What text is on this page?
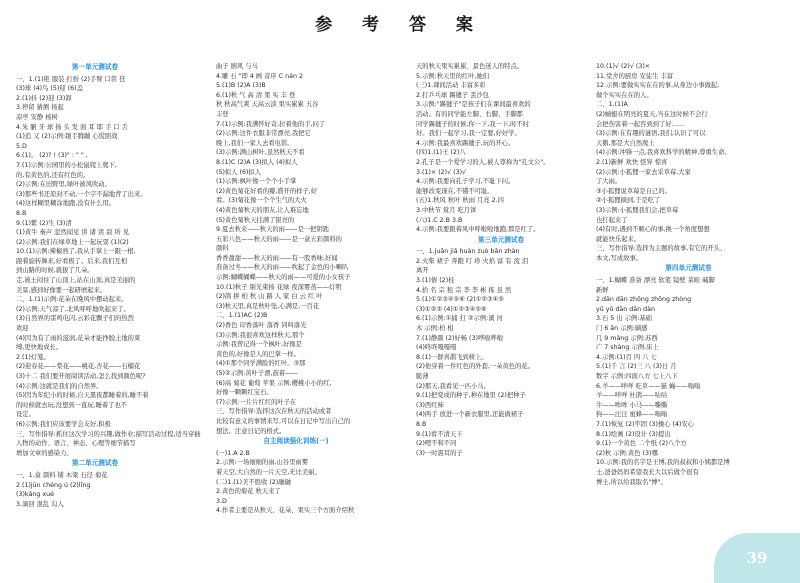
参 考 答 案
第一单元测试卷
一、1.(1)艳 服装 打扮 (2)手臂 口笛 狂
(3)球 (4)鸟 (5)迎 (6)盖
2.(1)抖 (2)迎 (3)卸
3.停留 猜测 扬起
凉亭 安静 杨树
4.朱 腑 牙 球 扬 头 发 面 耳 耶 手 口 舌
(1)追 又 (2)示例:趟手腾蹦 心慌胆战
5.D
6.(1)。 (2)? ! (3)" : " " ,
7.(1)示例:公园里的小松鼠爬上爬下,
的,有黄色的,还有红色的。
(2)示例:在田野里,绿叶被风吹动。
(3)那些书还原封不动,一个字不漏地背了出来。
(4)这样糊里糊涂地跑,没有什么用。
8.B
9.(1)紫 (2)生 (3)清
(1)黄牛 秦声 忽然闻见 讲 诸 读 寂 所 见
(2)示例:我们在绿草地上一起玩耍 (1)(2)
10.(1)示例:辣椒熟了,我从手掌上一跟一根,
跟着旋转舞来,好看极了。后来,我们互相
到山路的时候,就拔了几朵。
走,被土闷住了山顶上,站在山顶,真是美丽的
美景,感到好像要一起研磨起来。
二、1.(1)示例:花朵在晚风中摆动起来。
(2)示例:天气凉了,北风呼呼地吹起来了。
(3)自然界的雷鸣电闪,云彩花飘子们的热烈
欢迎
(4)因为有了雨的滋润,花朵才能挣脱土地的束
缚,更快地成长。
2.(1)灯笼。
(2)迎春花——梨花——桃花,杏花——石榴花
(3)十二 我们要开展阅读活动,怎么找到颜色呢?
(4)示例:这就是我们的自然界。
(5)因为年纪小的时候,自天黑夜都睡着的,睡不着
的时候就去玩,没想到一直玩,睡着了也不
设定。
(6)示例:我们应该要学会友好,积极
三、写作指导:抓住这次学习的兴趣,做作业;描写活动过程,适当穿插
人物的动作、语言、神态、心理等细节描写
增加文章的感染力。
第二单元测试卷
一、1.盒 颜料 铺 木梁 石径 菊花
2.(1)jūn chéng ú (2)lǐng
(3)kǎng xué
3.滴回 混乱 勾人
曲子 剧风 与马
4.雕 石 "即 4 画 音序 C nán 2
5.(1)B (2)A (3)B
6.(1)秋 气 高 清 果 实 丰 登
秋 秋高气爽 天高云淡 果实累累 五谷
丰登
7.(1)示例:我满怀好奇,拉着他的手,问了
(2)示例:这件衣服非常漂亮,我把它
晚上,我们一家人去看电影。
(3)示例:满山树叶,虽然秋天不看
8.(1)C (2)A (3)拟人 (4)拟人
(5)拟人 (6)拟人
(1)示例:枫叶像一个个小手掌
(2)黄色菊花好看的瓣,盛开的样子,好
看。(3)菊花像一个个生气的大火
(4)黄色菊秋天的朋友,让人难忘地
(5)黄色菊秋天挂满了银亮的
9.夏去秋来——秋天的雨——是一把钥匙
五彩八色——秋天的雨——是一盒五彩颜料的
颜料
香香甜甜——秋天的雨——有一股香味,好闻
准备过冬——秋天的雨——吹起了金色的小喇叭
示例:蝴蝶蝴蝶——秋天的雨——可爱的小女孩子
10.(1)秋子 剔光束扬 花绿 夜深雾蒸——灯明
(2)鸽 拼 柏 秋 山 路 人 家 白 云 红 叶
(3)秋天里,真是秋叶坠,心满是,一百花
二、1.(1)AC (2)B
(2)香色 印香落叶 落香 同叫落光
(3)示例:我很喜欢这样秋天,那个
示例:我曾记得一个枫叶,好像是
黄色的,好像是人的巴掌一样。
(4)①那个同学满脸的红叶。③那
(5)②示例:黄叶子漂,鼓着——
(6)高 菊花 葡萄 苹果 示例:樱桃小小的红,
好像一颗颗红宝石。
(7)示例:一片片红红的叶子在
三、写作指导:选择这次在秋天的活动或者
比较有意义的事情来写,可以在日记中写出自己的
想法。注意日记的格式。
自主阅读强化训练(一)
(一)1.A 2.B
2.示例:一场细细的雨,山谷里雨雾
着天空,大自然的一片天空,无比美丽。
(二)1.(1)美不胜收 (2)融融
2.黄色的菊花 秋天来了
3.D
4.作者主要是从秋天、花朵、果实三个方面介绍秋
天的秋天果实累累、景色迷人的特点。
5.示例:秋天里的红叶,她们
(三)1.课间活动 丰富多彩
2.打乒乓球 踢毽子 丢沙包
3.示例:"踢毽子"是孩子们在课间最喜欢的
活动。有的同学能左脚、右脚、手脚都
同学踢毽子的时候,你一下,我一下,时不时
好。我们一起学习,我一定要,好好学。
4.示例:我最喜欢踢毽子,玩的开心。
(四)1.(1)王 (2)八
2.孔子是一个爱学习的人,被人尊称为"孔文公"。
3.(1)× (2)√ (3)√
4.示例:我要向孔子学习,不耻下问。
能够改变现在,不懂不可耻。
(五)1.秋风 秋叶 秋雨 月亮 2.四
3.中秋节 赏月 吃月饼
(六)1.C 2.B 3.B
4.示例:我要跟着风中呼啦啦地跑,那是红了。
第三单元测试卷
一、1.juǎn jiǎ huàn zuò bǎn zhàn
2.火柴 裙子 奔跑 叮 珍 火焰 富 有 流 泪
离开
3.(1)倩 (2)桂
4.拾 名 宗 租 宗 李 李 彬 拣 虽 然
5.(1)①②③④⑤⑥ (2)①②③④⑤
(3)①②③ (4)①②③④⑤⑥
6.(1)示例:①捕 打 ②示例:溪 河
木 示例:柏 相
7.(1)静颜 (2)好畅 (3)哗啦哗啦
(4)咚咚嘎嘎嘎
8.(1)一群喜鹊飞到树上。
(2)他穿着一件红色的外套,一朵黄色的花。
脆薄
(2)那天,我看见一匹小马。
9.(1)把变成的种子,种在地里 (2)把种子
(3)西红柿
(4)两手 放进一个新衣服里,还能做裙子
8.B
9.(1)看不清天下
(2)哩不和不同
(3)一时震耳的子
10.(1)√ (2)√ (3)×
11.堂舍的厨房 安徒生 丰富
12.示例:要做实实在在的事,从身边小事做起,
做个实实在在的人。
二、1.(1)A
(2)蜻蜓在明亮的夏天,当在这时候不会行
会把伤害着一起容到到了好……
(3)示例:在有趣的谜语,我们,认识了可以
天鹅,那是大自然爬上
(4)示例:冲锋一点,我喜欢科学的精神,尊重生命。
2.(1)新鲜 欢快 怪异 惊喜
(2)示例:小狐狸一家去采草莓,大家
了大雨。
③小狐狸说草莓是自己的。
②小狐狸摘到,于是吃了
(3)示例:小狐狸我们会,把草莓
也打起来了
(4)有时,遇到不顺心的事,换一个角度想想
就能快乐起来。
三、写作指导:选择为主题的故事,有它的开头、
本文,写成故事。
第四单元测试卷
一、1.蝴蝶 准备 漂亮 软笔 镜壁 菜畦 碱脚
新鲜
2.dān dān zhōng zhōng zhòng
yǔ yǔ dān dān dàn
3.石 5 出 示例:基础
门 6 ǎn 示例:刷感
几 9 mǎng 示例:苏西
广 7 shàng 示例:床上
4.示例:(1)百 四 八 七
5.(1)千 言 (2)三 八 (3)日 月
数字 示例:四面八方 七上八下
6.羊——咩咩 吃草——猫 蝇——嗡嗡
羊——咩咩 杜鹃——咕咕
牛——哞哞 小马——嘶嘶
狗——汪汪 蜜蜂——嗡嗡
7.(1)恢复 (2)牢固 (3)操心 (4)安心
8.(1)绘画 (2)设计 (3)提出
9.(1)一个黄色 二个纸 (2)八个方
(2)秋 示例:黄色 (3)哪
10.示例:我的名字是王博,我的叔叔和小姨都是博
士,爸爸妈妈希望我长大以后做个很有
博士,所以给我取名"博"。
39
